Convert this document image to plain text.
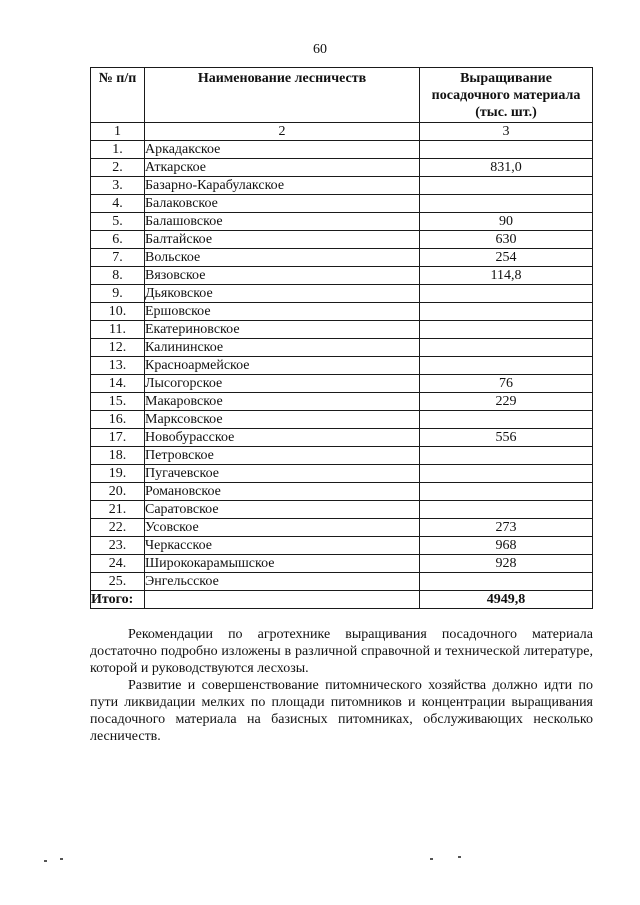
60
№ п/п	Наименование лесничеств	Выращивание посадочного материала (тыс. шт.)
1	2	3
1.	Аркадакское	
2.	Аткарское	831,0
3.	Базарно-Карабулакское	
4.	Балаковское	
5.	Балашовское	90
6.	Балтайское	630
7.	Вольское	254
8.	Вязовское	114,8
9.	Дьяковское	
10.	Ершовское	
11.	Екатериновское	
12.	Калининское	
13.	Красноармейское	
14.	Лысогорское	76
15.	Макаровское	229
16.	Марксовское	
17.	Новобурасское	556
18.	Петровское	
19.	Пугачевское	
20.	Романовское	
21.	Саратовское	
22.	Усовское	273
23.	Черкасское	968
24.	Ширококарамышское	928
25.	Энгельсское	
Итого:		4949,8

Рекомендации по агротехнике выращивания посадочного материала достаточно подробно изложены в различной справочной и технической литературе, которой и руководствуются лесхозы.

Развитие и совершенствование питомнического хозяйства должно идти по пути ликвидации мелких по площади питомников и концентрации выращивания посадочного материала на базисных питомниках, обслуживающих несколько лесничеств.
